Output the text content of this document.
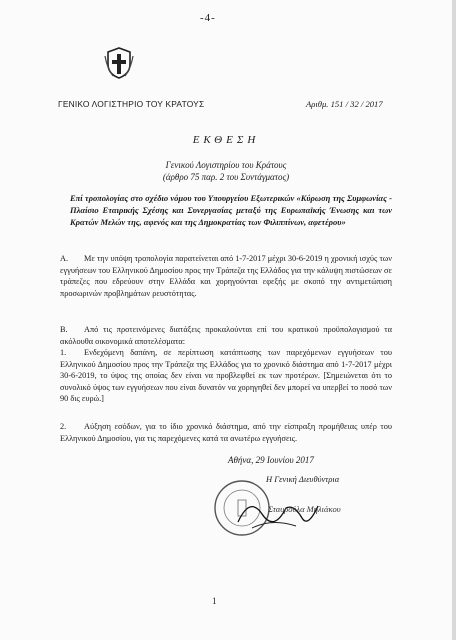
-4-
ΓΕΝΙΚΟ ΛΟΓΙΣΤΗΡΙΟ ΤΟΥ ΚΡΑΤΟΥΣ	Αριθμ. 151 / 32 / 2017
ΕΚΘΕΣΗ
Γενικού Λογιστηρίου του Κράτους
(άρθρο 75 παρ. 2 του Συντάγματος)
Επί τροπολογίας στο σχέδιο νόμου του Υπουργείου Εξωτερικών «Κύρωση της Συμφωνίας - Πλαίσιο Εταιρικής Σχέσης και Συνεργασίας μεταξύ της Ευρωπαϊκής Ένωσης και των Κρατών Μελών της, αφενός και της Δημοκρατίας των Φιλιππίνων, αφετέρου»
Α. Με την υπόψη τροπολογία παρατείνεται από 1-7-2017 μέχρι 30-6-2019 η χρονική ισχύς των εγγυήσεων του Ελληνικού Δημοσίου προς την Τράπεζα της Ελλάδος για την κάλυψη πιστώσεων σε τράπεζες που εδρεύουν στην Ελλάδα και χορηγούνται εφεξής με σκοπό την αντιμετώπιση προσωρινών προβλημάτων ρευστότητας.
Β. Από τις προτεινόμενες διατάξεις προκαλούνται επί του κρατικού προϋπολογισμού τα ακόλουθα οικονομικά αποτελέσματα:
1. Ενδεχόμενη δαπάνη, σε περίπτωση κατάπτωσης των παρεχόμενων εγγυήσεων του Ελληνικού Δημοσίου προς την Τράπεζα της Ελλάδος για το χρονικό διάστημα από 1-7-2017 μέχρι 30-6-2019, το ύψος της οποίας δεν είναι να προβλεφθεί εκ των προτέρων. [Σημειώνεται ότι το συνολικό ύψος των εγγυήσεων που είναι δυνατόν να χορηγηθεί δεν μπορεί να υπερβεί το ποσό των 90 δις ευρώ.]
2. Αύξηση εσόδων, για το ίδιο χρονικό διάστημα, από την είσπραξη προμήθειας υπέρ του Ελληνικού Δημοσίου, για τις παρεχόμενες κατά τα ανωτέρω εγγυήσεις.
Αθήνα, 29 Ιουνίου 2017
Η Γενική Διευθύντρια
Σταυρούλα Μηλιάκου
1
